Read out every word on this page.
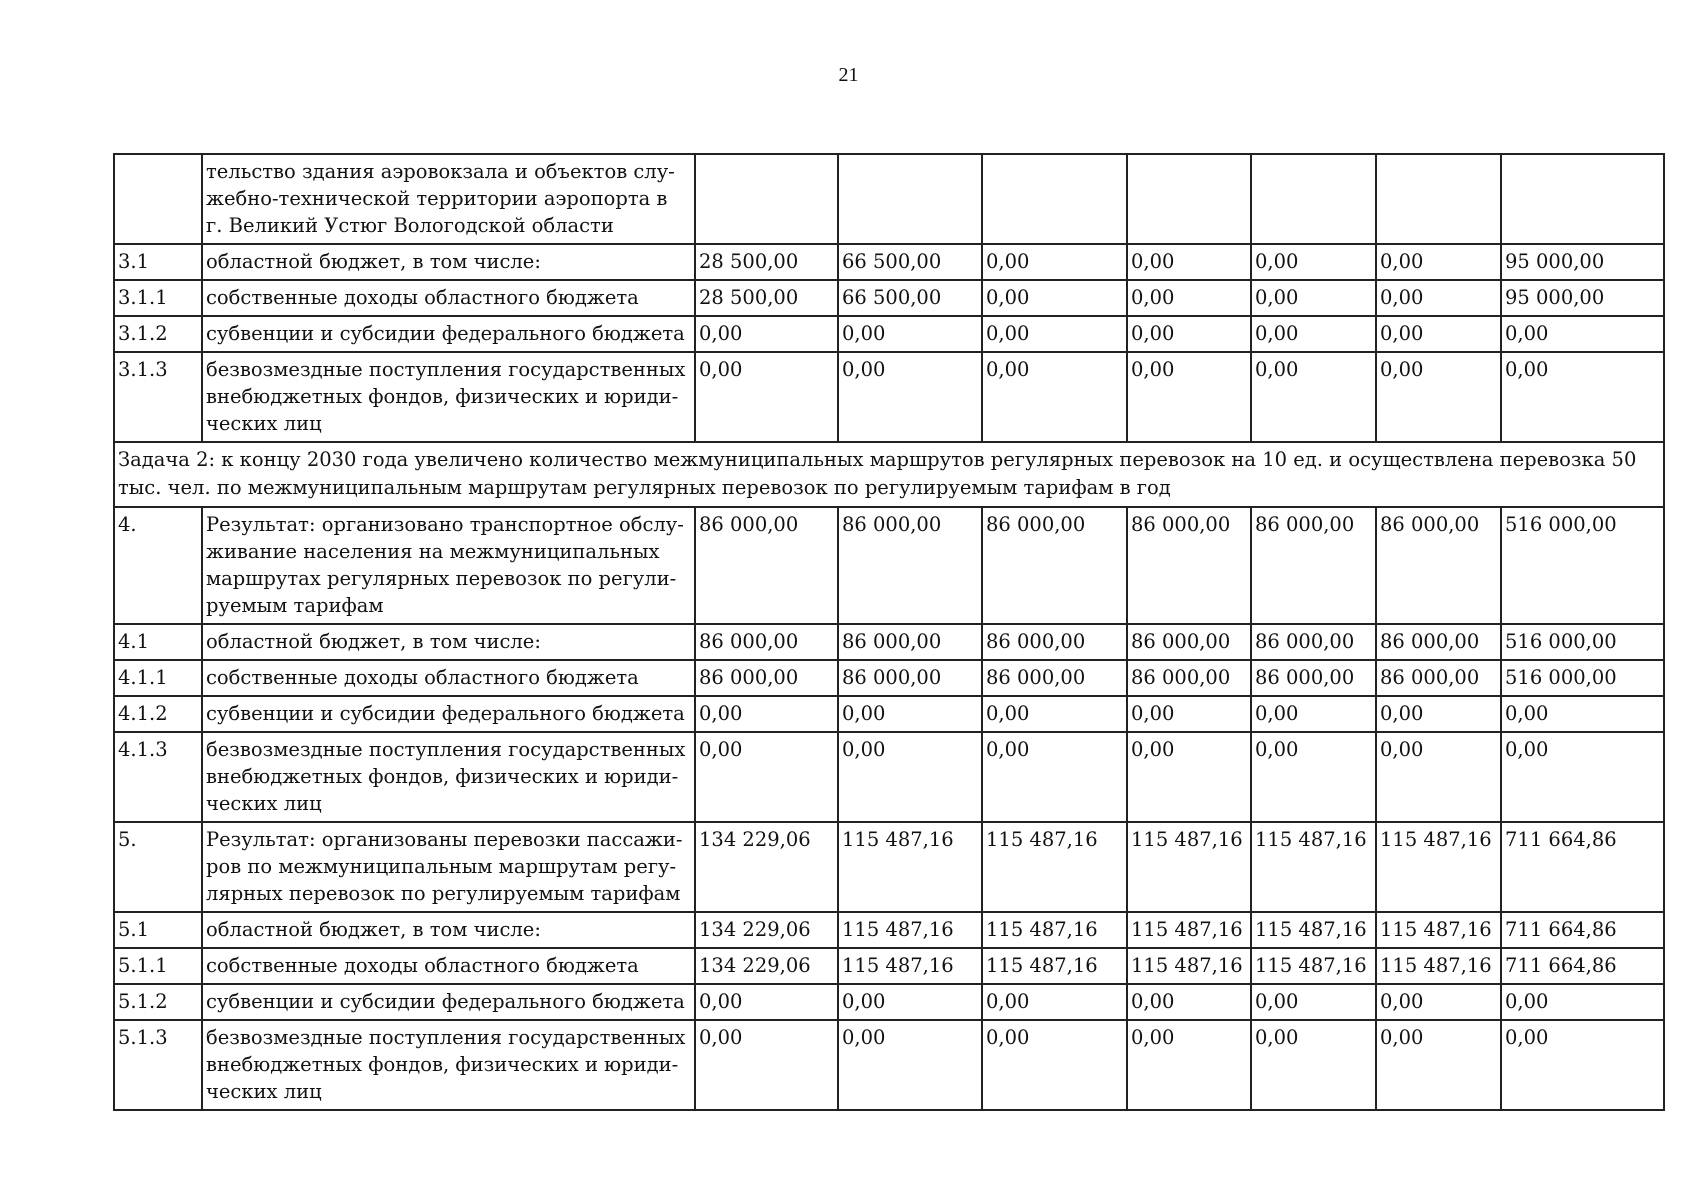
21
	тельство здания аэровокзала и объектов слу-жебно-технической территории аэропорта в г. Великий Устюг Вологодской области							
3.1	областной бюджет, в том числе:	28 500,00	66 500,00	0,00	0,00	0,00	0,00	95 000,00
3.1.1	собственные доходы областного бюджета	28 500,00	66 500,00	0,00	0,00	0,00	0,00	95 000,00
3.1.2	субвенции и субсидии федерального бюджета	0,00	0,00	0,00	0,00	0,00	0,00	0,00
3.1.3	безвозмездные поступления государственных внебюджетных фондов, физических и юриди-ческих лиц	0,00	0,00	0,00	0,00	0,00	0,00	0,00
Задача 2: к концу 2030 года увеличено количество межмуниципальных маршрутов регулярных перевозок на 10 ед. и осуществлена перевозка 50 тыс. чел. по межмуниципальным маршрутам регулярных перевозок по регулируемым тарифам в год								
4.	Результат: организовано транспортное обслу-живание населения на межмуниципальных маршрутах регулярных перевозок по регули-руемым тарифам	86 000,00	86 000,00	86 000,00	86 000,00	86 000,00	86 000,00	516 000,00
4.1	областной бюджет, в том числе:	86 000,00	86 000,00	86 000,00	86 000,00	86 000,00	86 000,00	516 000,00
4.1.1	собственные доходы областного бюджета	86 000,00	86 000,00	86 000,00	86 000,00	86 000,00	86 000,00	516 000,00
4.1.2	субвенции и субсидии федерального бюджета	0,00	0,00	0,00	0,00	0,00	0,00	0,00
4.1.3	безвозмездные поступления государственных внебюджетных фондов, физических и юриди-ческих лиц	0,00	0,00	0,00	0,00	0,00	0,00	0,00
5.	Результат: организованы перевозки пассажи-ров по межмуниципальным маршрутам регу-лярных перевозок по регулируемым тарифам	134 229,06	115 487,16	115 487,16	115 487,16	115 487,16	115 487,16	711 664,86
5.1	областной бюджет, в том числе:	134 229,06	115 487,16	115 487,16	115 487,16	115 487,16	115 487,16	711 664,86
5.1.1	собственные доходы областного бюджета	134 229,06	115 487,16	115 487,16	115 487,16	115 487,16	115 487,16	711 664,86
5.1.2	субвенции и субсидии федерального бюджета	0,00	0,00	0,00	0,00	0,00	0,00	0,00
5.1.3	безвозмездные поступления государственных внебюджетных фондов, физических и юриди-ческих лиц	0,00	0,00	0,00	0,00	0,00	0,00	0,00
